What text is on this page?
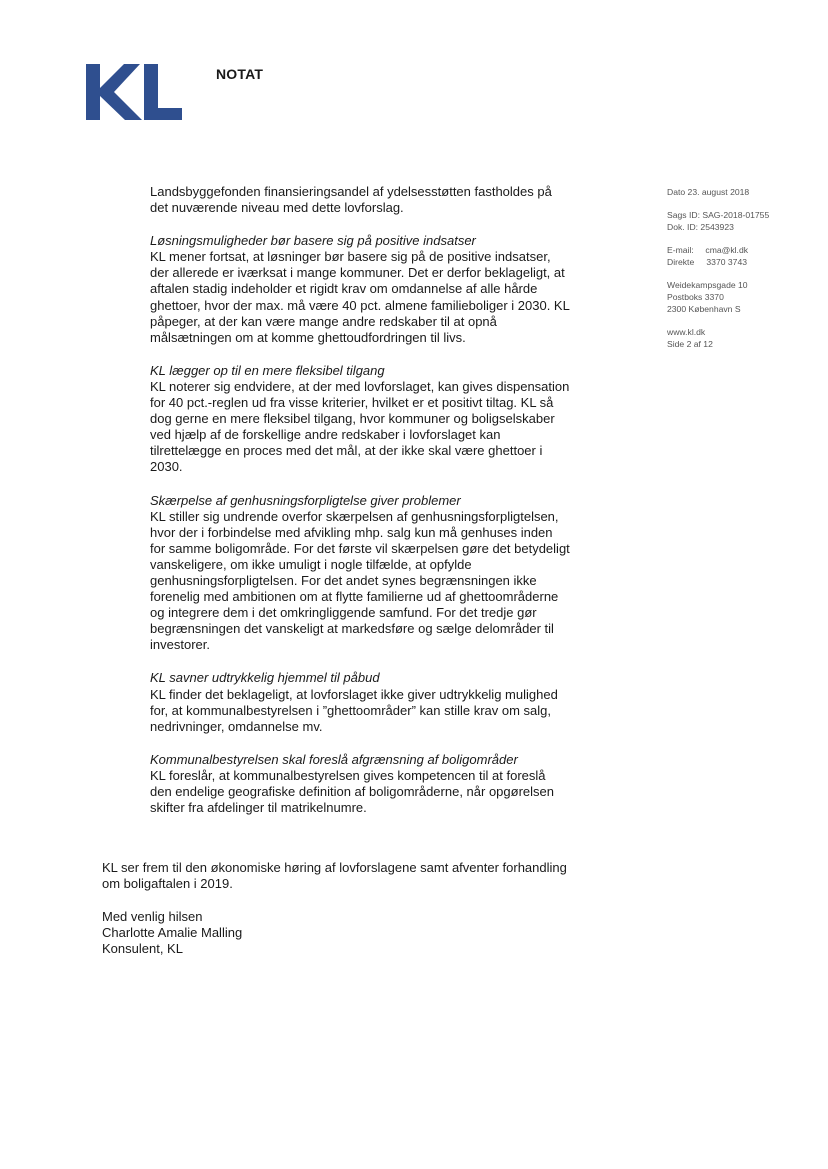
NOTAT
Dato 23. august 2018
Sags ID: SAG-2018-01755
Dok. ID: 2543923
E-mail: cma@kl.dk
Direkte 3370 3743
Weidekampsgade 10
Postboks 3370
2300 København S
www.kl.dk
Side 2 af 12

Landsbyggefonden finansieringsandel af ydelsesstøtten fastholdes på det nuværende niveau med dette lovforslag.

Løsningsmuligheder bør basere sig på positive indsatser
KL mener fortsat, at løsninger bør basere sig på de positive indsatser, der allerede er iværksat i mange kommuner. Det er derfor beklageligt, at aftalen stadig indeholder et rigidt krav om omdannelse af alle hårde ghettoer, hvor der max. må være 40 pct. almene familieboliger i 2030. KL påpeger, at der kan være mange andre redskaber til at opnå målsætningen om at komme ghettoudfordringen til livs.
KL lægger op til en mere fleksibel tilgang
KL noterer sig endvidere, at der med lovforslaget, kan gives dispensation for 40 pct.-reglen ud fra visse kriterier, hvilket er et positivt tiltag. KL så dog gerne en mere fleksibel tilgang, hvor kommuner og boligselskaber ved hjælp af de forskellige andre redskaber i lovforslaget kan tilrettelægge en proces med det mål, at der ikke skal være ghettoer i 2030.
Skærpelse af genhusningsforpligtelse giver problemer
KL stiller sig undrende overfor skærpelsen af genhusningsforpligtelsen, hvor der i forbindelse med afvikling mhp. salg kun må genhuses inden for samme boligområde. For det første vil skærpelsen gøre det betydeligt vanskeligere, om ikke umuligt i nogle tilfælde, at opfylde genhusningsforpligtelsen. For det andet synes begrænsningen ikke forenelig med ambitionen om at flytte familierne ud af ghettoområderne og integrere dem i det omkringliggende samfund. For det tredje gør begrænsningen det vanskeligt at markedsføre og sælge delområder til investorer.
KL savner udtrykkelig hjemmel til påbud
KL finder det beklageligt, at lovforslaget ikke giver udtrykkelig mulighed for, at kommunalbestyrelsen i ”ghettoområder” kan stille krav om salg, nedrivninger, omdannelse mv.
Kommunalbestyrelsen skal foreslå afgrænsning af boligområder
KL foreslår, at kommunalbestyrelsen gives kompetencen til at foreslå den endelige geografiske definition af boligområderne, når opgørelsen skifter fra afdelinger til matrikelnumre.

KL ser frem til den økonomiske høring af lovforslagene samt afventer forhandling om boligaftalen i 2019.

Med venlig hilsen
Charlotte Amalie Malling
Konsulent, KL
